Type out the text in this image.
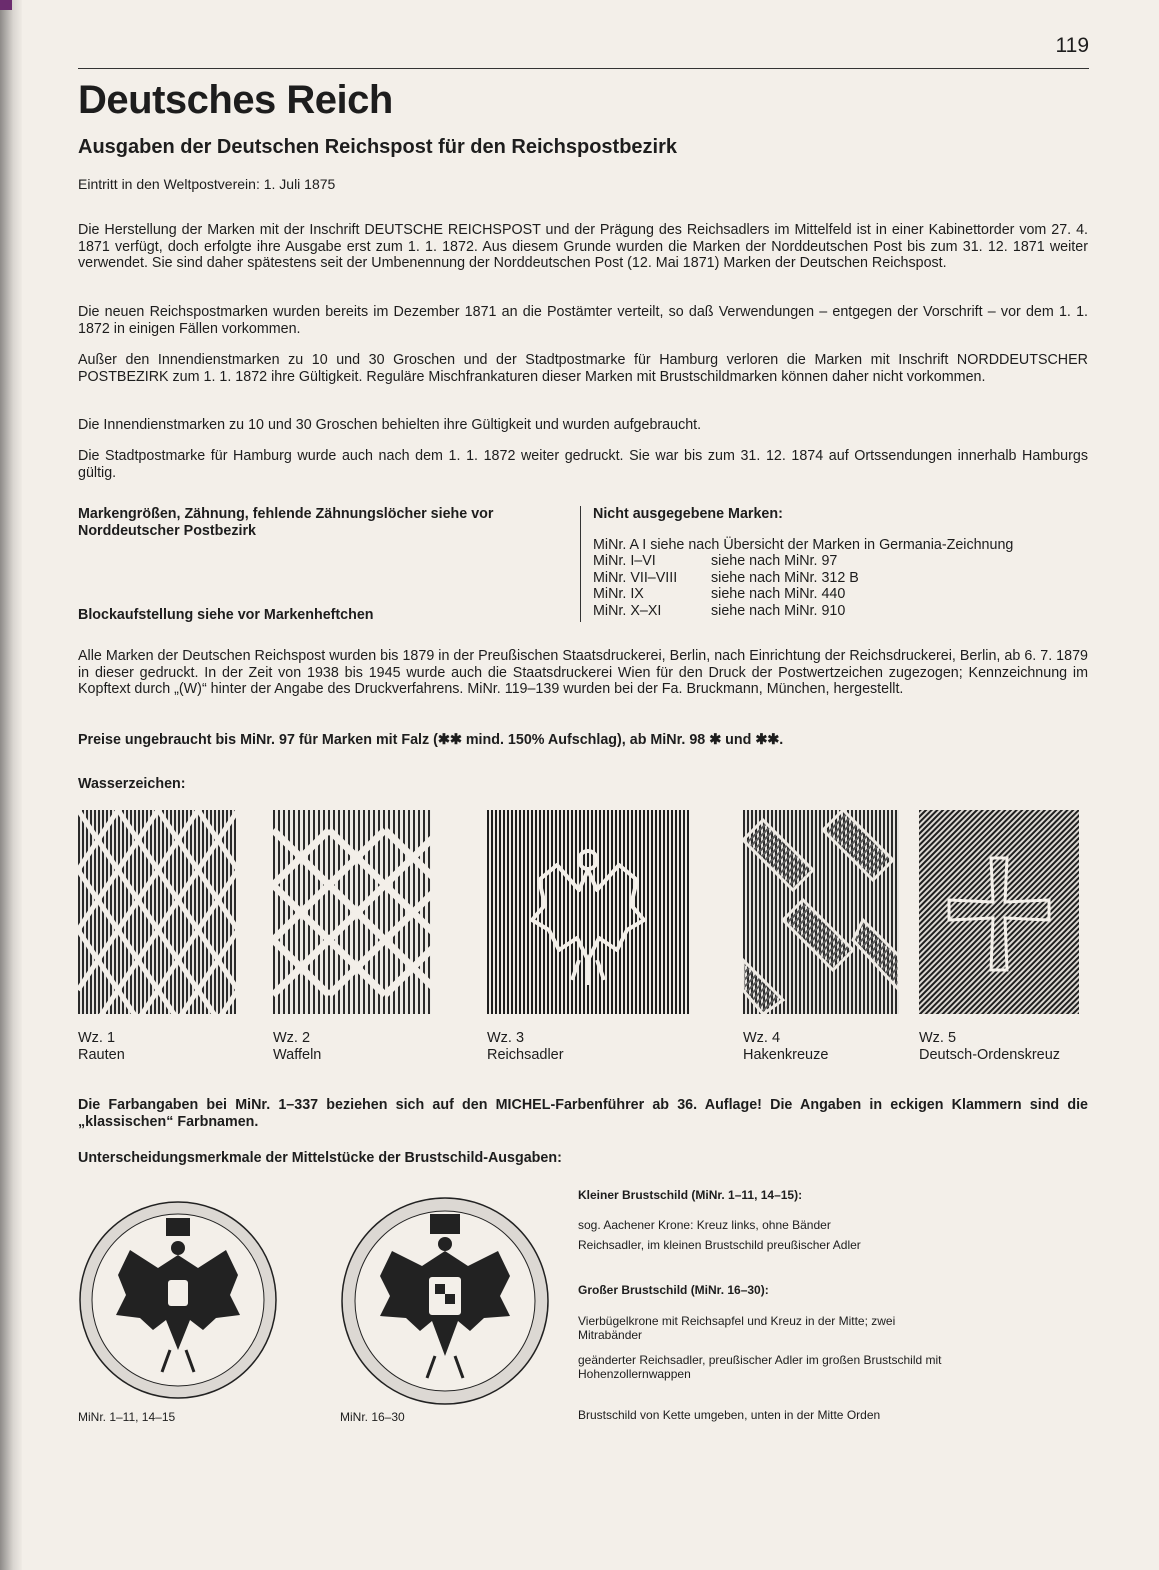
119
Deutsches Reich
Ausgaben der Deutschen Reichspost für den Reichspostbezirk
Eintritt in den Weltpostverein: 1. Juli 1875

Die Herstellung der Marken mit der Inschrift DEUTSCHE REICHSPOST und der Prägung des Reichsadlers im Mittelfeld ist in einer Kabinettorder vom 27. 4. 1871 verfügt, doch erfolgte ihre Ausgabe erst zum 1. 1. 1872. Aus diesem Grunde wurden die Marken der Norddeutschen Post bis zum 31. 12. 1871 weiter verwendet. Sie sind daher spätestens seit der Umbenennung der Norddeutschen Post (12. Mai 1871) Marken der Deutschen Reichspost.

Die neuen Reichspostmarken wurden bereits im Dezember 1871 an die Postämter verteilt, so daß Verwendungen – entgegen der Vorschrift – vor dem 1. 1. 1872 in einigen Fällen vorkommen.

Außer den Innendienstmarken zu 10 und 30 Groschen und der Stadtpostmarke für Hamburg verloren die Marken mit Inschrift NORDDEUTSCHER POSTBEZIRK zum 1. 1. 1872 ihre Gültigkeit. Reguläre Mischfrankaturen dieser Marken mit Brustschildmarken können daher nicht vorkommen.

Die Innendienstmarken zu 10 und 30 Groschen behielten ihre Gültigkeit und wurden aufgebraucht.

Die Stadtpostmarke für Hamburg wurde auch nach dem 1. 1. 1872 weiter gedruckt. Sie war bis zum 31. 12. 1874 auf Ortssendungen innerhalb Hamburgs gültig.

Markengrößen, Zähnung, fehlende Zähnungslöcher siehe vor Norddeutscher Postbezirk
Blockaufstellung siehe vor Markenheftchen
Nicht ausgegebene Marken:
MiNr. A I siehe nach Übersicht der Marken in Germania-Zeichnung
MiNr. I–VI	siehe nach MiNr. 97
MiNr. VII–VIII	siehe nach MiNr. 312 B
MiNr. IX	siehe nach MiNr. 440
MiNr. X–XI	siehe nach MiNr. 910

Alle Marken der Deutschen Reichspost wurden bis 1879 in der Preußischen Staatsdruckerei, Berlin, nach Einrichtung der Reichsdruckerei, Berlin, ab 6. 7. 1879 in dieser gedruckt. In der Zeit von 1938 bis 1945 wurde auch die Staatsdruckerei Wien für den Druck der Postwertzeichen zugezogen; Kennzeichnung im Kopftext durch „(W)“ hinter der Angabe des Druckverfahrens. MiNr. 119–139 wurden bei der Fa. Bruckmann, München, hergestellt.

Preise ungebraucht bis MiNr. 97 für Marken mit Falz (✱✱ mind. 150% Aufschlag), ab MiNr. 98 ✱ und ✱✱.

Wasserzeichen:
Wz. 1
Rauten
Wz. 2
Waffeln
Wz. 3
Reichsadler
Wz. 4
Hakenkreuze
Wz. 5
Deutsch-Ordenskreuz

Die Farbangaben bei MiNr. 1–337 beziehen sich auf den MICHEL-Farbenführer ab 36. Auflage! Die Angaben in eckigen Klammern sind die „klassischen“ Farbnamen.

Unterscheidungsmerkmale der Mittelstücke der Brustschild-Ausgaben:
MiNr. 1–11, 14–15	MiNr. 16–30
Kleiner Brustschild (MiNr. 1–11, 14–15):
sog. Aachener Krone: Kreuz links, ohne Bänder
Reichsadler, im kleinen Brustschild preußischer Adler
Großer Brustschild (MiNr. 16–30):
Vierbügelkrone mit Reichsapfel und Kreuz in der Mitte; zwei Mitrabänder
geänderter Reichsadler, preußischer Adler im großen Brustschild mit Hohenzollernwappen
Brustschild von Kette umgeben, unten in der Mitte Orden
